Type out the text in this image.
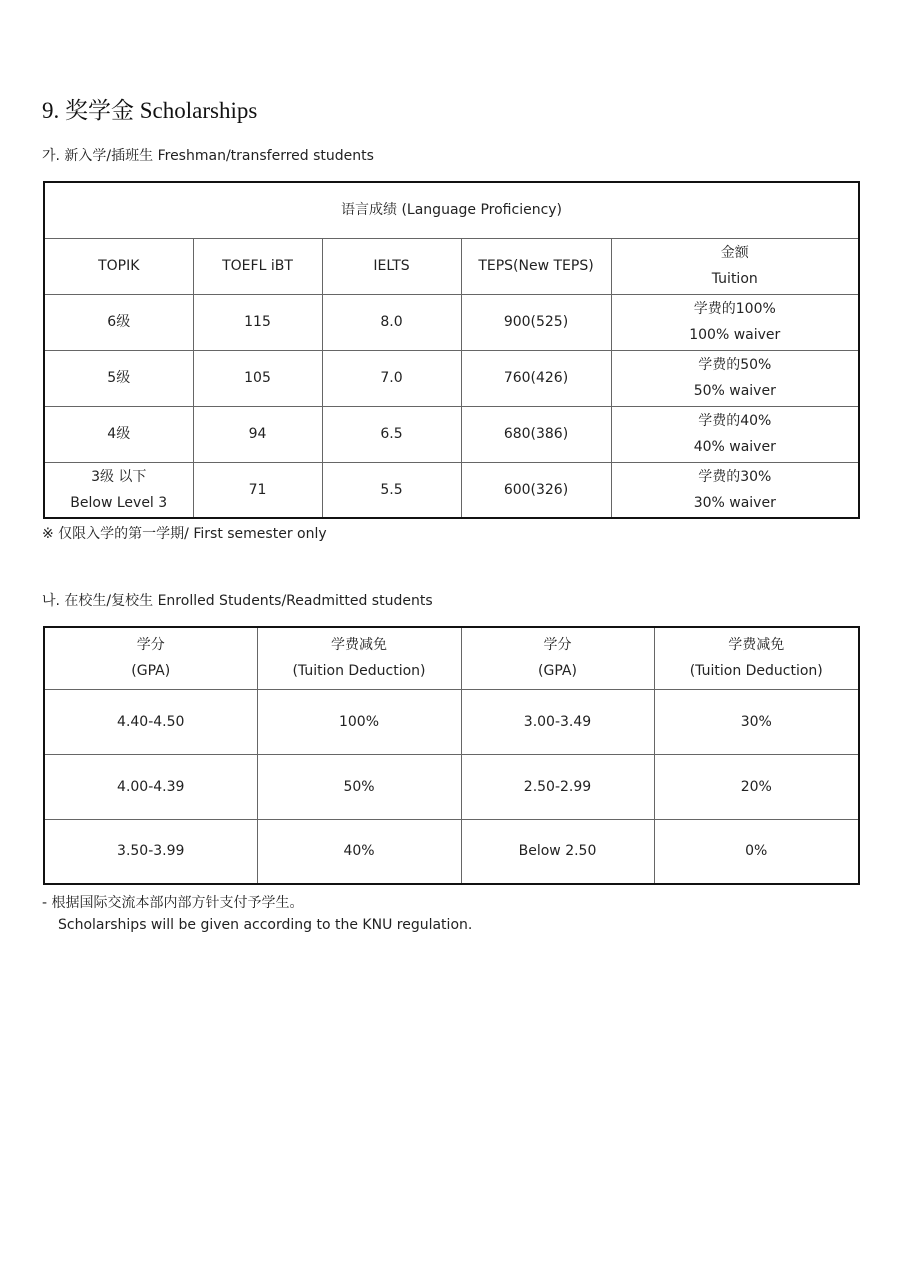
9. 奖学金 Scholarships
가. 新入学/插班生 Freshman/transferred students
语言成绩 (Language Proficiency)				
TOPIK	TOEFL iBT	IELTS	TEPS(New TEPS)	金额
Tuition

6级	115	8.0	900(525)	学费的100%
100% waiver

5级	105	7.0	760(426)	学费的50%
50% waiver

4级	94	6.5	680(386)	学费的40%
40% waiver

3级 以下
Below Level 3	71	5.5	600(326)	学费的30%
30% waiver
※ 仅限入学的第一学期/ First semester only
나. 在校生/复校生 Enrolled Students/Readmitted students
学分
(GPA)	学费减免
(Tuition Deduction)	学分
(GPA)	学费减免
(Tuition Deduction)

4.40-4.50	100%	3.00-3.49	30%
4.00-4.39	50%	2.50-2.99	20%
3.50-3.99	40%	Below 2.50	0%
- 根据国际交流本部内部方针支付予学生。
Scholarships will be given according to the KNU regulation.
